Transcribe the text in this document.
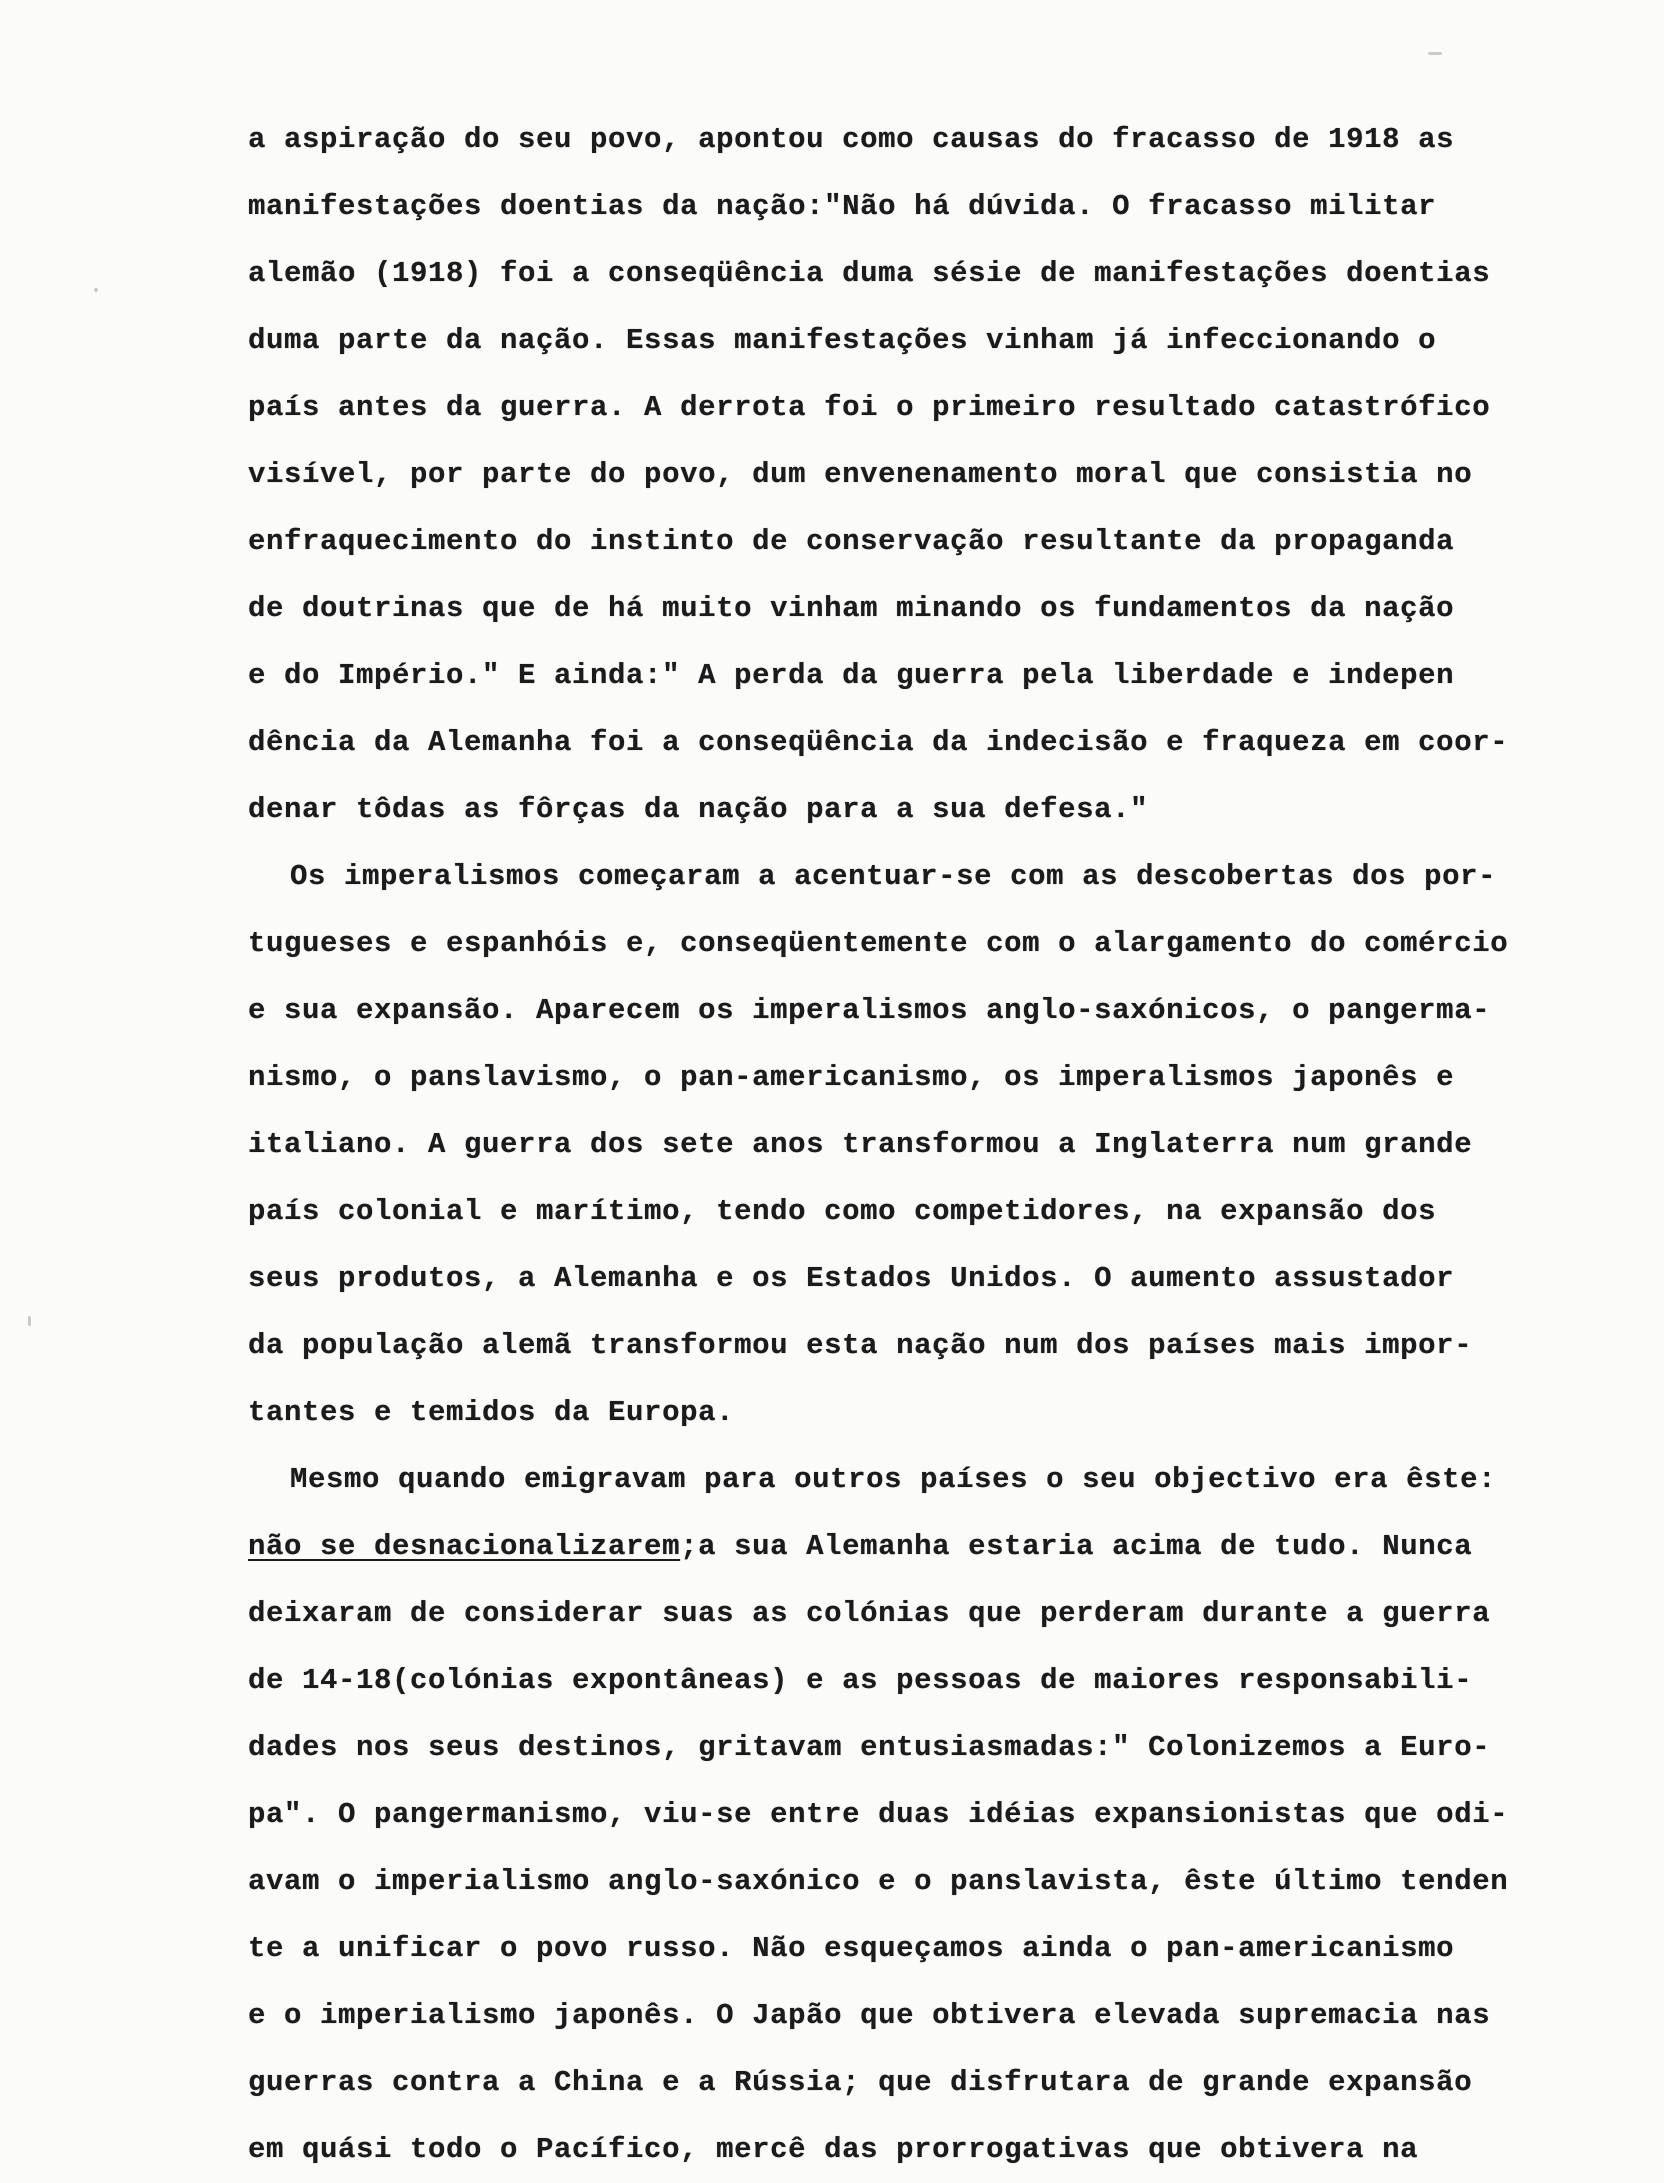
a aspiração do seu povo, apontou como causas do fracasso de 1918 as
manifestações doentias da nação:"Não há dúvida. O fracasso militar
alemão (1918) foi a conseqüência duma sésie de manifestações doentias
duma parte da nação. Essas manifestações vinham já infeccionando o
país antes da guerra. A derrota foi o primeiro resultado catastrófico
visível, por parte do povo, dum envenenamento moral que consistia no
enfraquecimento do instinto de conservação resultante da propaganda
de doutrinas que de há muito vinham minando os fundamentos da nação
e do Império." E ainda:" A perda da guerra pela liberdade e indepen
dência da Alemanha foi a conseqüência da indecisão e fraqueza em coor-
denar tôdas as fôrças da nação para a sua defesa."
Os imperalismos começaram a acentuar-se com as descobertas dos por-
tugueses e espanhóis e, conseqüentemente com o alargamento do comércio
e sua expansão. Aparecem os imperalismos anglo-saxónicos, o pangerma-
nismo, o panslavismo, o pan-americanismo, os imperalismos japonês e
italiano. A guerra dos sete anos transformou a Inglaterra num grande
país colonial e marítimo, tendo como competidores, na expansão dos
seus produtos, a Alemanha e os Estados Unidos. O aumento assustador
da população alemã transformou esta nação num dos países mais impor-
tantes e temidos da Europa.
Mesmo quando emigravam para outros países o seu objectivo era êste:
não se desnacionalizarem;a sua Alemanha estaria acima de tudo. Nunca
deixaram de considerar suas as colónias que perderam durante a guerra
de 14-18(colónias expontâneas) e as pessoas de maiores responsabili-
dades nos seus destinos, gritavam entusiasmadas:" Colonizemos a Euro-
pa". O pangermanismo, viu-se entre duas idéias expansionistas que odi-
avam o imperialismo anglo-saxónico e o panslavista, êste último tenden
te a unificar o povo russo. Não esqueçamos ainda o pan-americanismo
e o imperialismo japonês. O Japão que obtivera elevada supremacia nas
guerras contra a China e a Rússia; que disfrutara de grande expansão
em quási todo o Pacífico, mercê das prorrogativas que obtivera na
